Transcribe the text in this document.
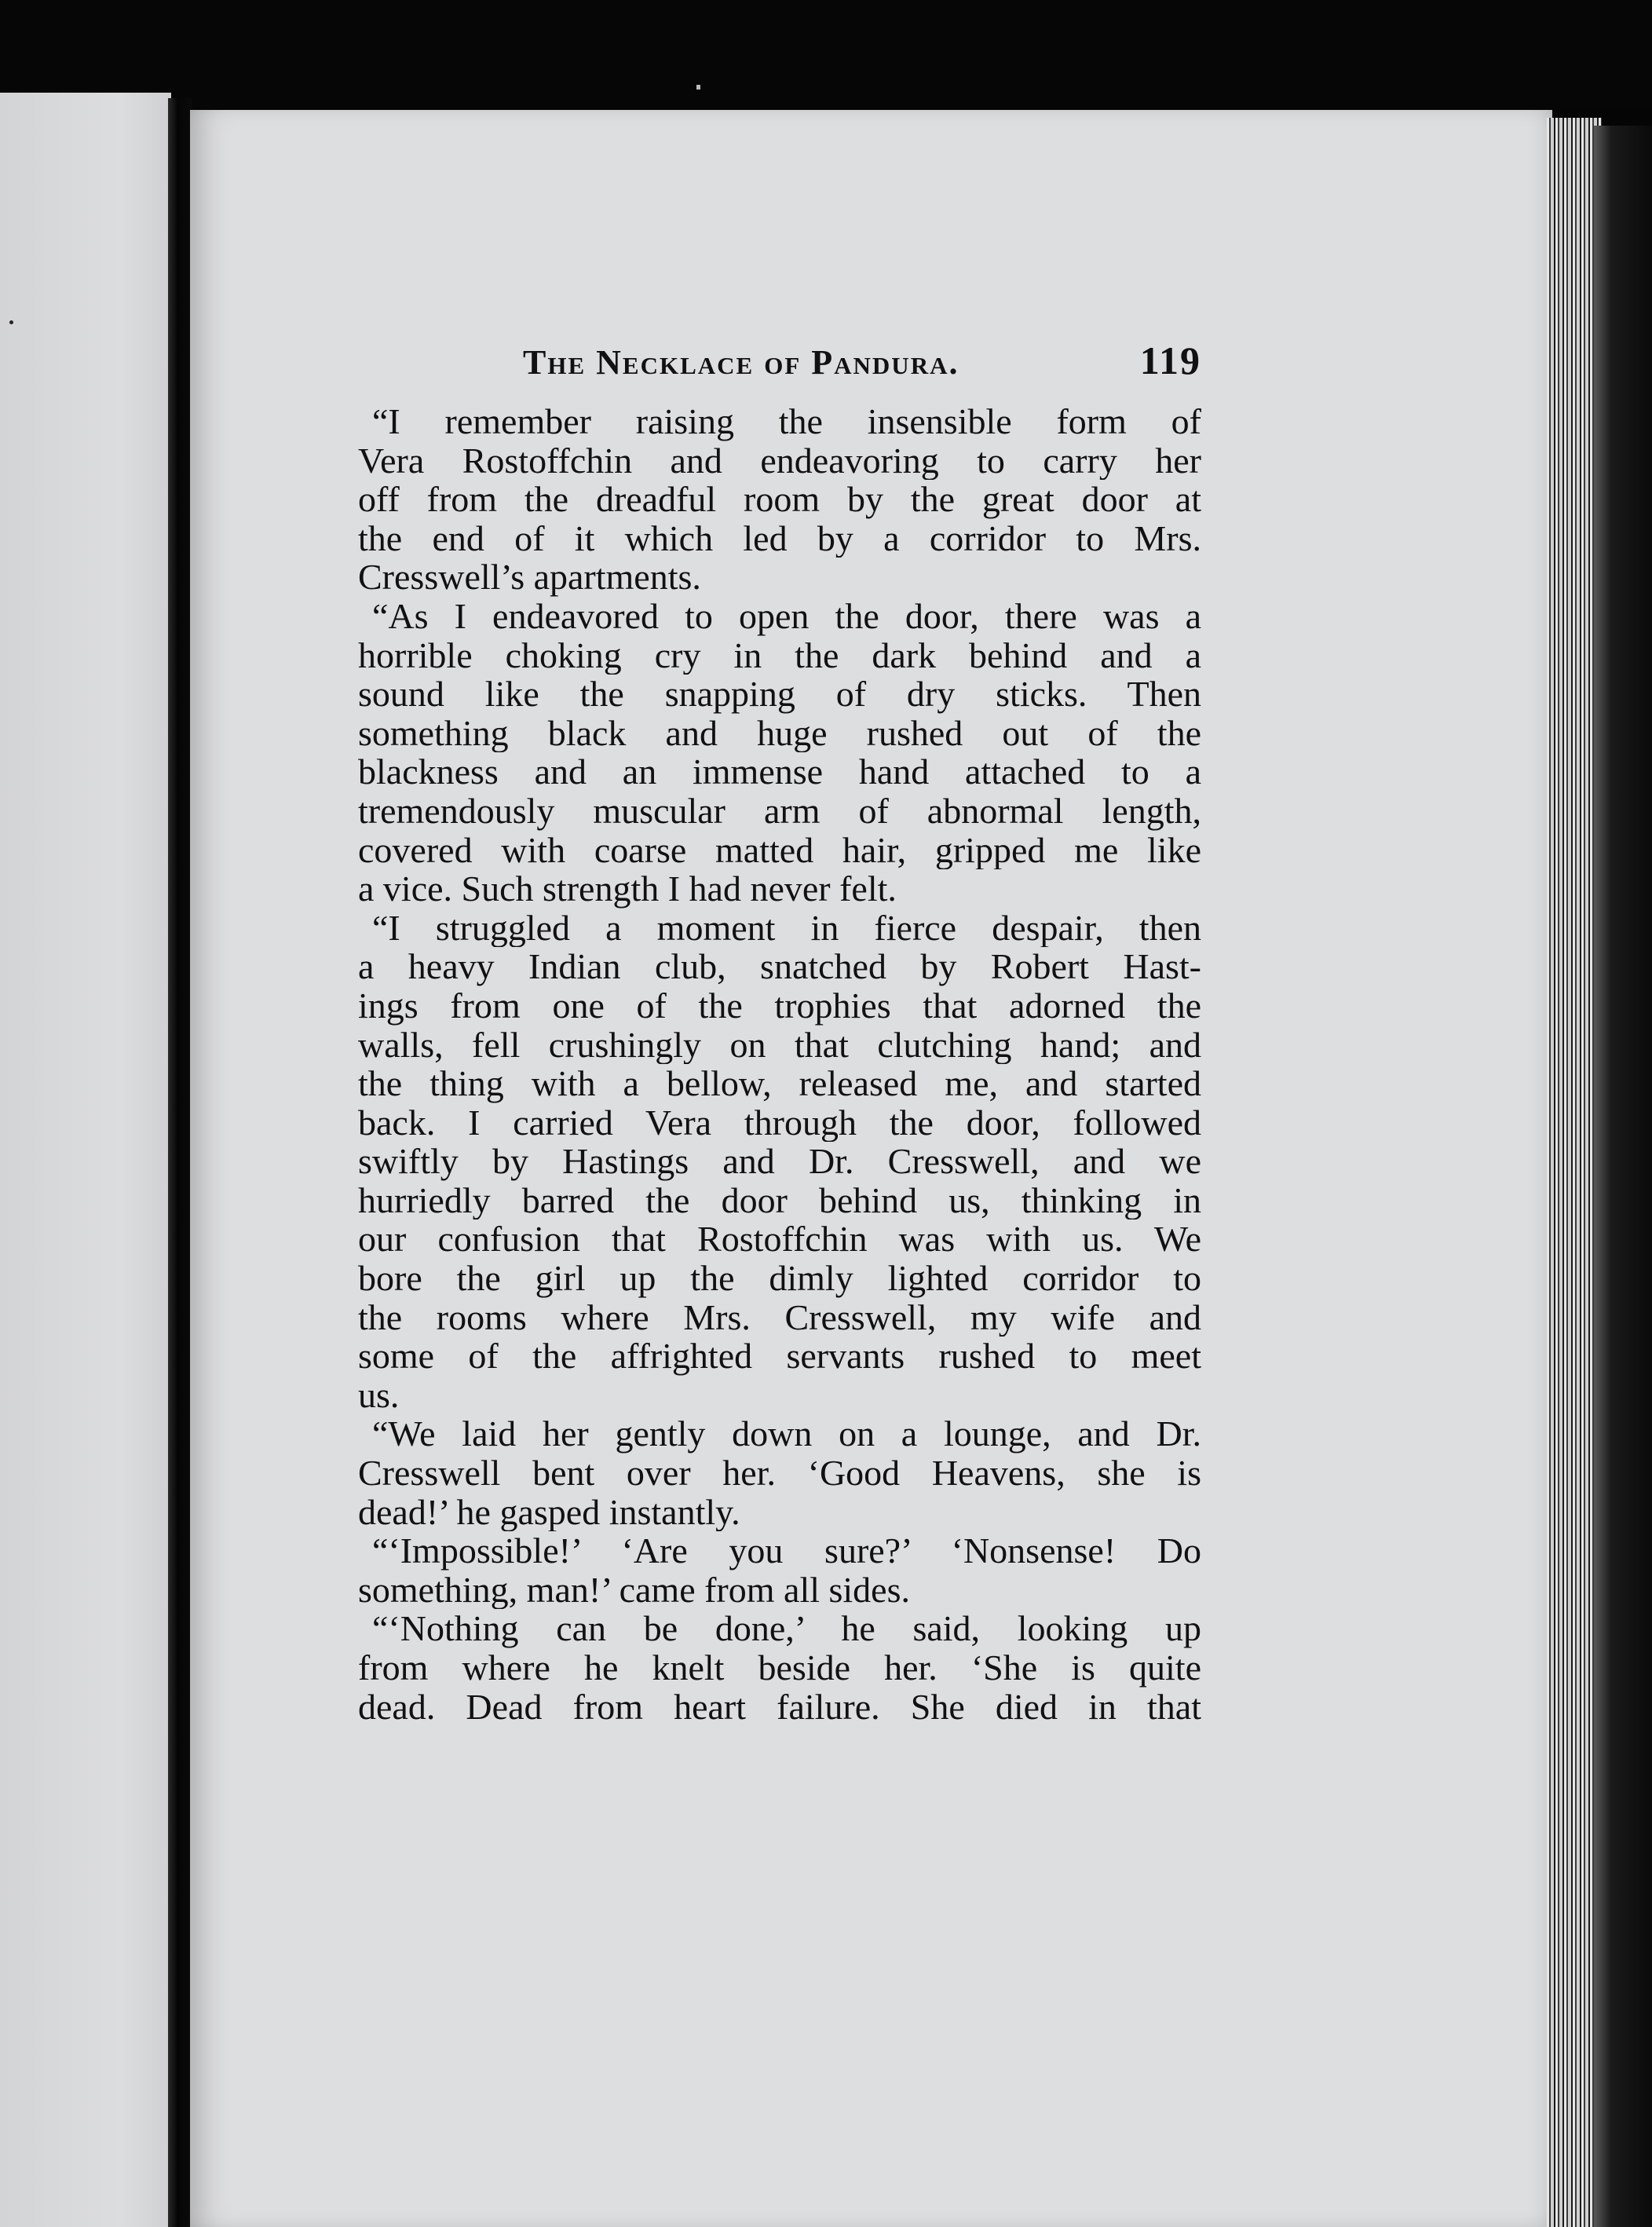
The Necklace of Pandura.	119
“I remember raising the insensible form of
Vera Rostoffchin and endeavoring to carry her
off from the dreadful room by the great door at
the end of it which led by a corridor to Mrs.
Cresswell’s apartments.
“As I endeavored to open the door, there was a
horrible choking cry in the dark behind and a
sound like the snapping of dry sticks. Then
something black and huge rushed out of the
blackness and an immense hand attached to a
tremendously muscular arm of abnormal length,
covered with coarse matted hair, gripped me like
a vice. Such strength I had never felt.
“I struggled a moment in fierce despair, then
a heavy Indian club, snatched by Robert Hast-
ings from one of the trophies that adorned the
walls, fell crushingly on that clutching hand; and
the thing with a bellow, released me, and started
back. I carried Vera through the door, followed
swiftly by Hastings and Dr. Cresswell, and we
hurriedly barred the door behind us, thinking in
our confusion that Rostoffchin was with us. We
bore the girl up the dimly lighted corridor to
the rooms where Mrs. Cresswell, my wife and
some of the affrighted servants rushed to meet
us.
“We laid her gently down on a lounge, and Dr.
Cresswell bent over her. ‘Good Heavens, she is
dead!’ he gasped instantly.
“‘Impossible!’ ‘Are you sure?’ ‘Nonsense! Do
something, man!’ came from all sides.
“‘Nothing can be done,’ he said, looking up
from where he knelt beside her. ‘She is quite
dead. Dead from heart failure. She died in that
